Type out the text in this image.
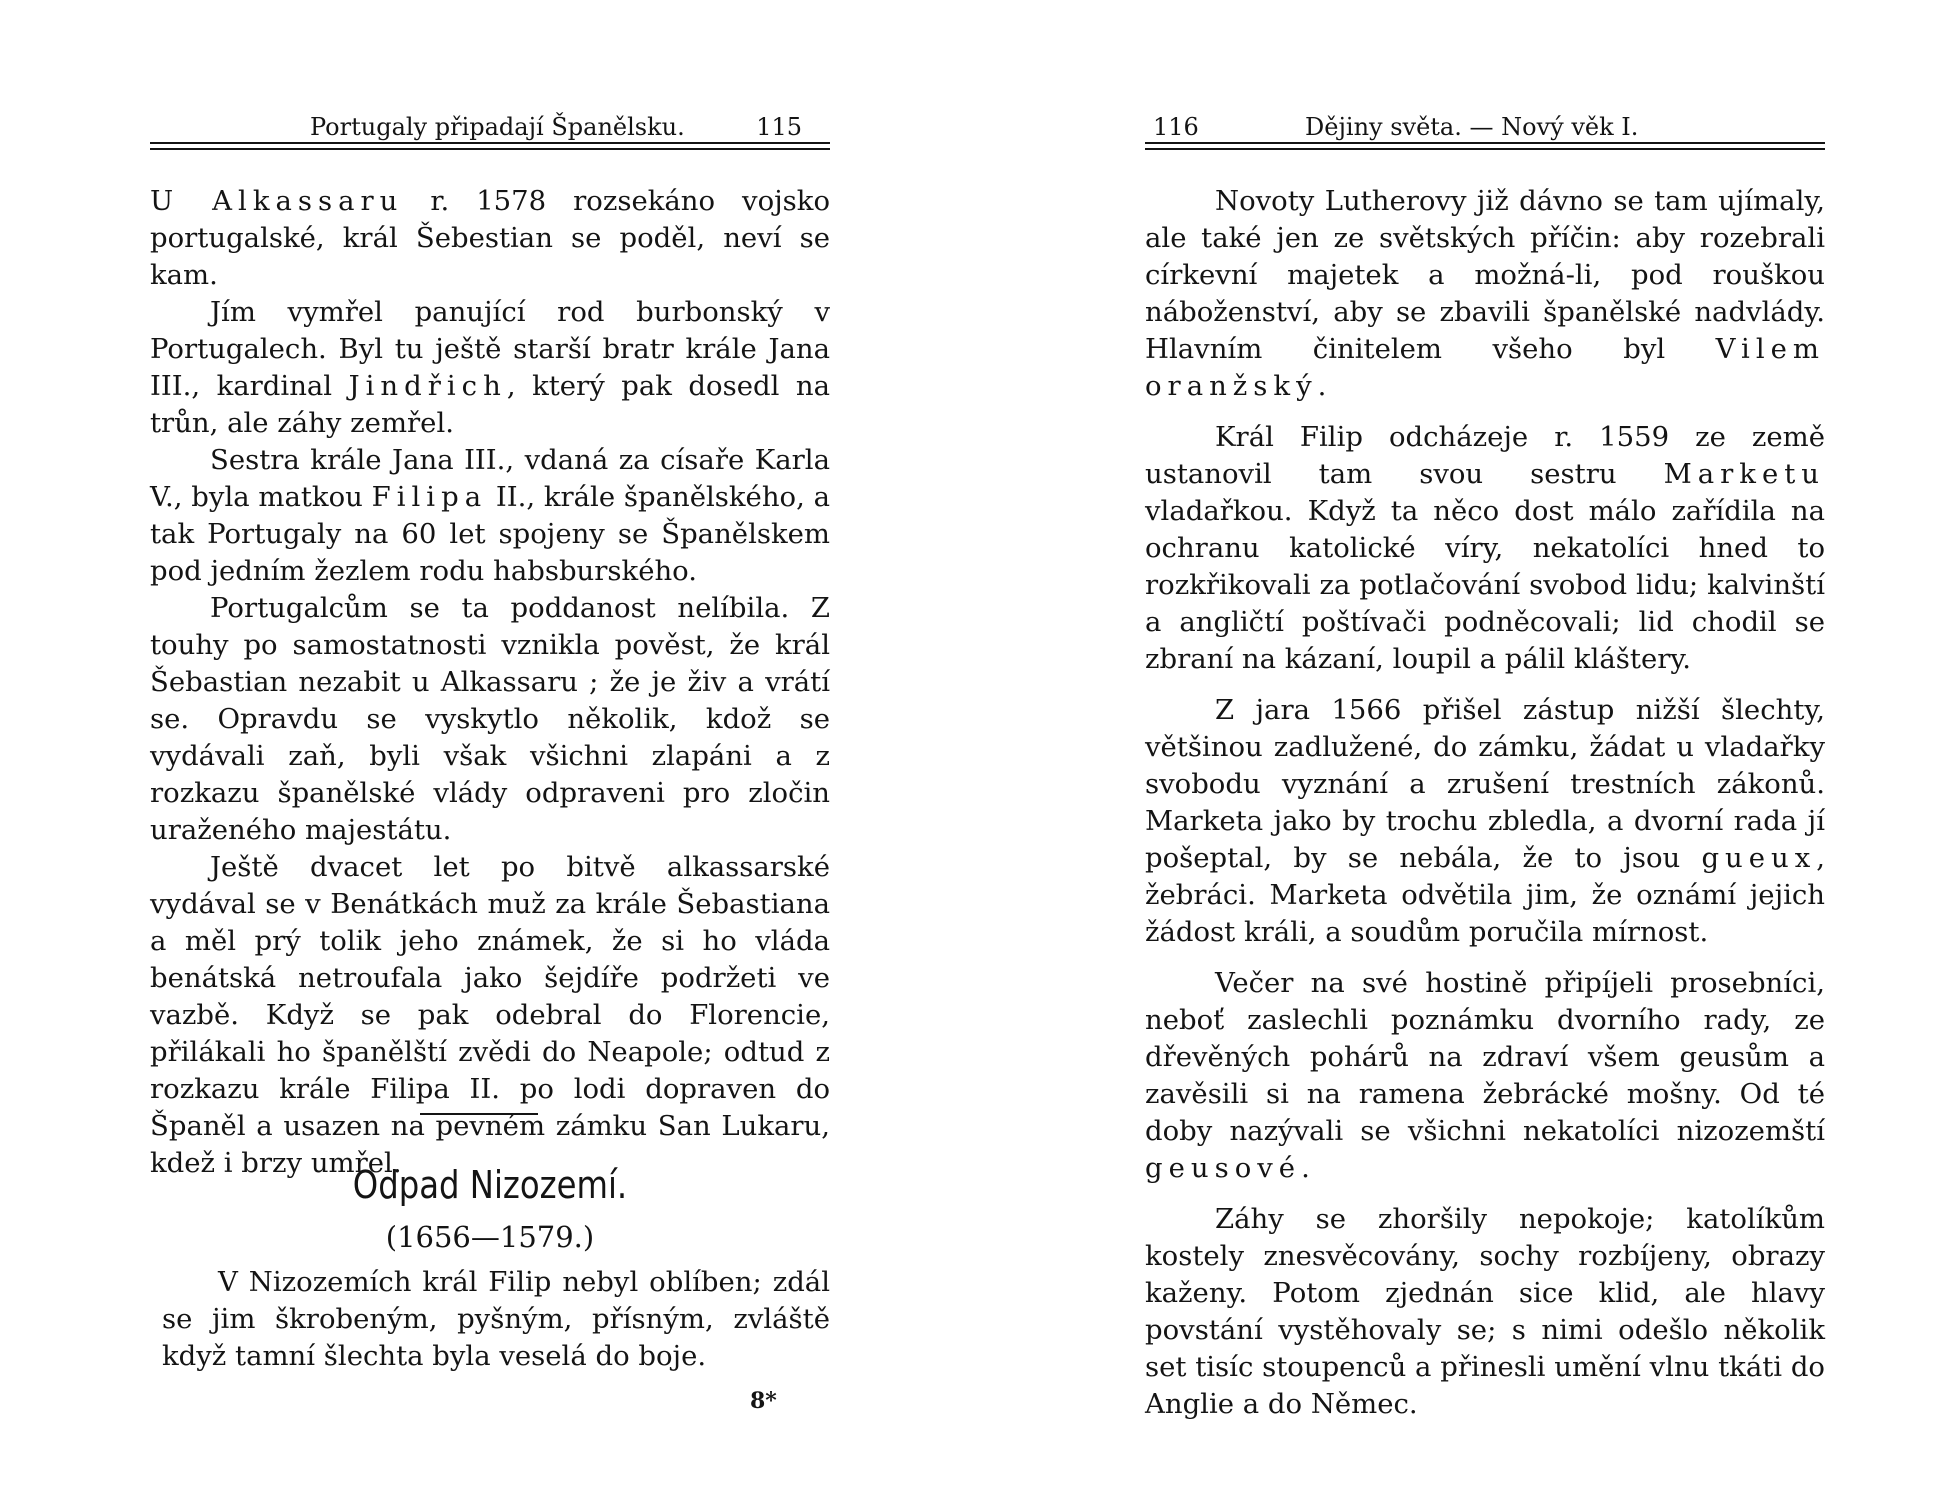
Portugaly připadají Španělsku.	115

U Alkassaru r. 1578 rozsekáno vojsko portugalské, král Šebestian se poděl, neví se kam.

Jím vymřel panující rod burbonský v Portugalech. Byl tu ještě starší bratr krále Jana III., kardinal Jindřich, který pak dosedl na trůn, ale záhy zemřel.

Sestra krále Jana III., vdaná za císaře Karla V., byla matkou Filipa II., krále španělského, a tak Portugaly na 60 let spojeny se Španělskem pod jedním žezlem rodu habsburského.

Portugalcům se ta poddanost nelíbila. Z touhy po samostatnosti vznikla pověst, že král Šebastian nezabit u Alkassaru ; že je živ a vrátí se. Opravdu se vyskytlo několik, kdož se vydávali zaň, byli však všichni zlapáni a z rozkazu španělské vlády odpraveni pro zločin uraženého majestátu.

Ještě dvacet let po bitvě alkassarské vydával se v Benátkách muž za krále Šebastiana a měl prý tolik jeho známek, že si ho vláda benátská netroufala jako šejdíře podržeti ve vazbě. Když se pak odebral do Florencie, přilákali ho španělští zvědi do Neapole; odtud z rozkazu krále Filipa II. po lodi dopraven do Španěl a usazen na pevném zámku San Lukaru, kdež i brzy umřel.

Odpad Nizozemí.
(1656—1579.)

V Nizozemích král Filip nebyl oblíben; zdál se jim škrobeným, pyšným, přísným, zvláště když tamní šlechta byla veselá do boje.

8*
116	Dějiny světa. — Nový věk I.

Novoty Lutherovy již dávno se tam ujímaly, ale také jen ze světských příčin: aby rozebrali církevní majetek a možná-li, pod rouškou náboženství, aby se zbavili španělské nadvlády. Hlavním činitelem všeho byl Vilem oranžský.

Král Filip odcházeje r. 1559 ze země ustanovil tam svou sestru Marketu vladařkou. Když ta něco dost málo zařídila na ochranu katolické víry, nekatolíci hned to rozkřikovali za potlačování svobod lidu; kalvinští a angličtí poštívači podněcovali; lid chodil se zbraní na kázaní, loupil a pálil kláštery.

Z jara 1566 přišel zástup nižší šlechty, většinou zadlužené, do zámku, žádat u vladařky svobodu vyznání a zrušení trestních zákonů. Marketa jako by trochu zbledla, a dvorní rada jí pošeptal, by se nebála, že to jsou gueux, žebráci. Marketa odvětila jim, že oznámí jejich žádost králi, a soudům poručila mírnost.

Večer na své hostině připíjeli prosebníci, neboť zaslechli poznámku dvorního rady, ze dřevěných pohárů na zdraví všem geusům a zavěsili si na ramena žebrácké mošny. Od té doby nazývali se všichni nekatolíci nizozemští geusové.

Záhy se zhoršily nepokoje; katolíkům kostely znesvěcovány, sochy rozbíjeny, obrazy kaženy. Potom zjednán sice klid, ale hlavy povstání vystěhovaly se; s nimi odešlo několik set tisíc stoupenců a přinesli umění vlnu tkáti do Anglie a do Němec.
